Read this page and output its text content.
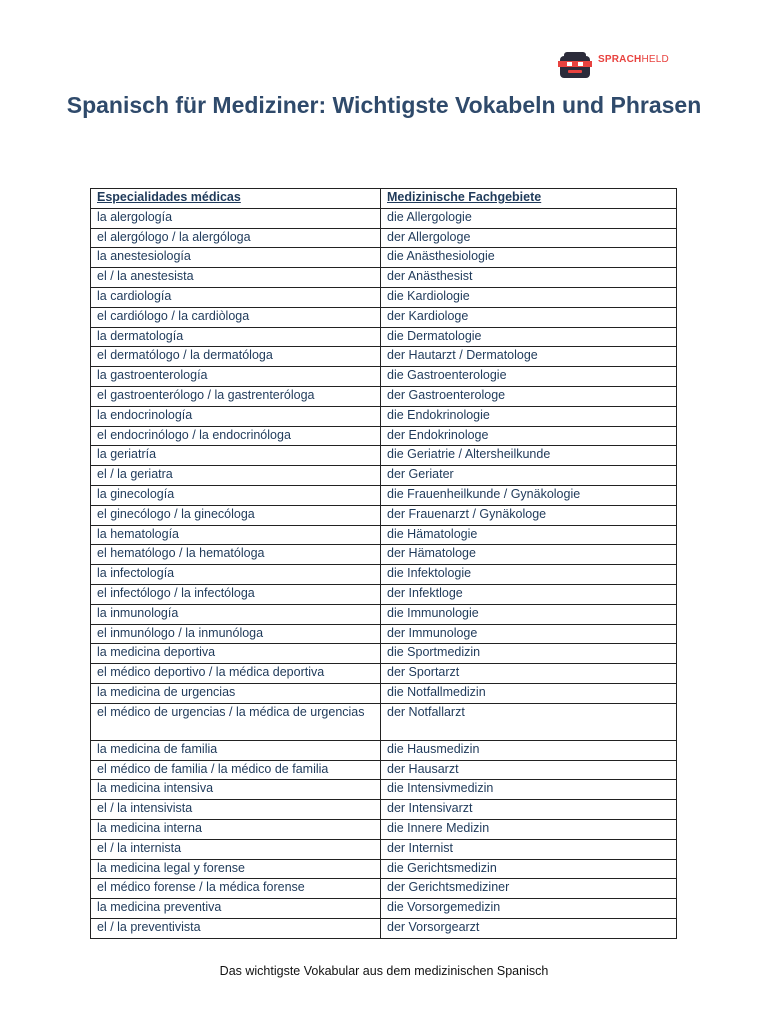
SPRACHHELD
Spanisch für Mediziner: Wichtigste Vokabeln und Phrasen
Especialidades médicas	Medizinische Fachgebiete
la alergología	die Allergologie
el alergólogo / la alergóloga	der Allergologe
la anestesiología	die Anästhesiologie
el / la anestesista	der Anästhesist
la cardiología	die Kardiologie
el cardiólogo / la cardiòloga	der Kardiologe
la dermatología	die Dermatologie
el dermatólogo / la dermatóloga	der Hautarzt / Dermatologe
la gastroenterología	die Gastroenterologie
el gastroenterólogo / la gastrenteróloga	der Gastroenterologe
la endocrinología	die Endokrinologie
el endocrinólogo / la endocrinóloga	der Endokrinologe
la geriatría	die Geriatrie / Altersheilkunde
el / la geriatra	der Geriater
la ginecología	die Frauenheilkunde / Gynäkologie
el ginecólogo / la ginecóloga	der Frauenarzt / Gynäkologe
la hematología	die Hämatologie
el hematólogo / la hematóloga	der Hämatologe
la infectología	die Infektologie
el infectólogo / la infectóloga	der Infektloge
la inmunología	die Immunologie
el inmunólogo / la inmunóloga	der Immunologe
la medicina deportiva	die Sportmedizin
el médico deportivo / la médica deportiva	der Sportarzt
la medicina de urgencias	die Notfallmedizin
el médico de urgencias / la médica de urgencias	der Notfallarzt
la medicina de familia	die Hausmedizin
el médico de familia / la médico de familia	der Hausarzt
la medicina intensiva	die Intensivmedizin
el / la intensivista	der Intensivarzt
la medicina interna	die Innere Medizin
el / la internista	der Internist
la medicina legal y forense	die Gerichtsmedizin
el médico forense / la médica forense	der Gerichtsmediziner
la medicina preventiva	die Vorsorgemedizin
el / la preventivista	der Vorsorgearzt
Das wichtigste Vokabular aus dem medizinischen Spanisch
